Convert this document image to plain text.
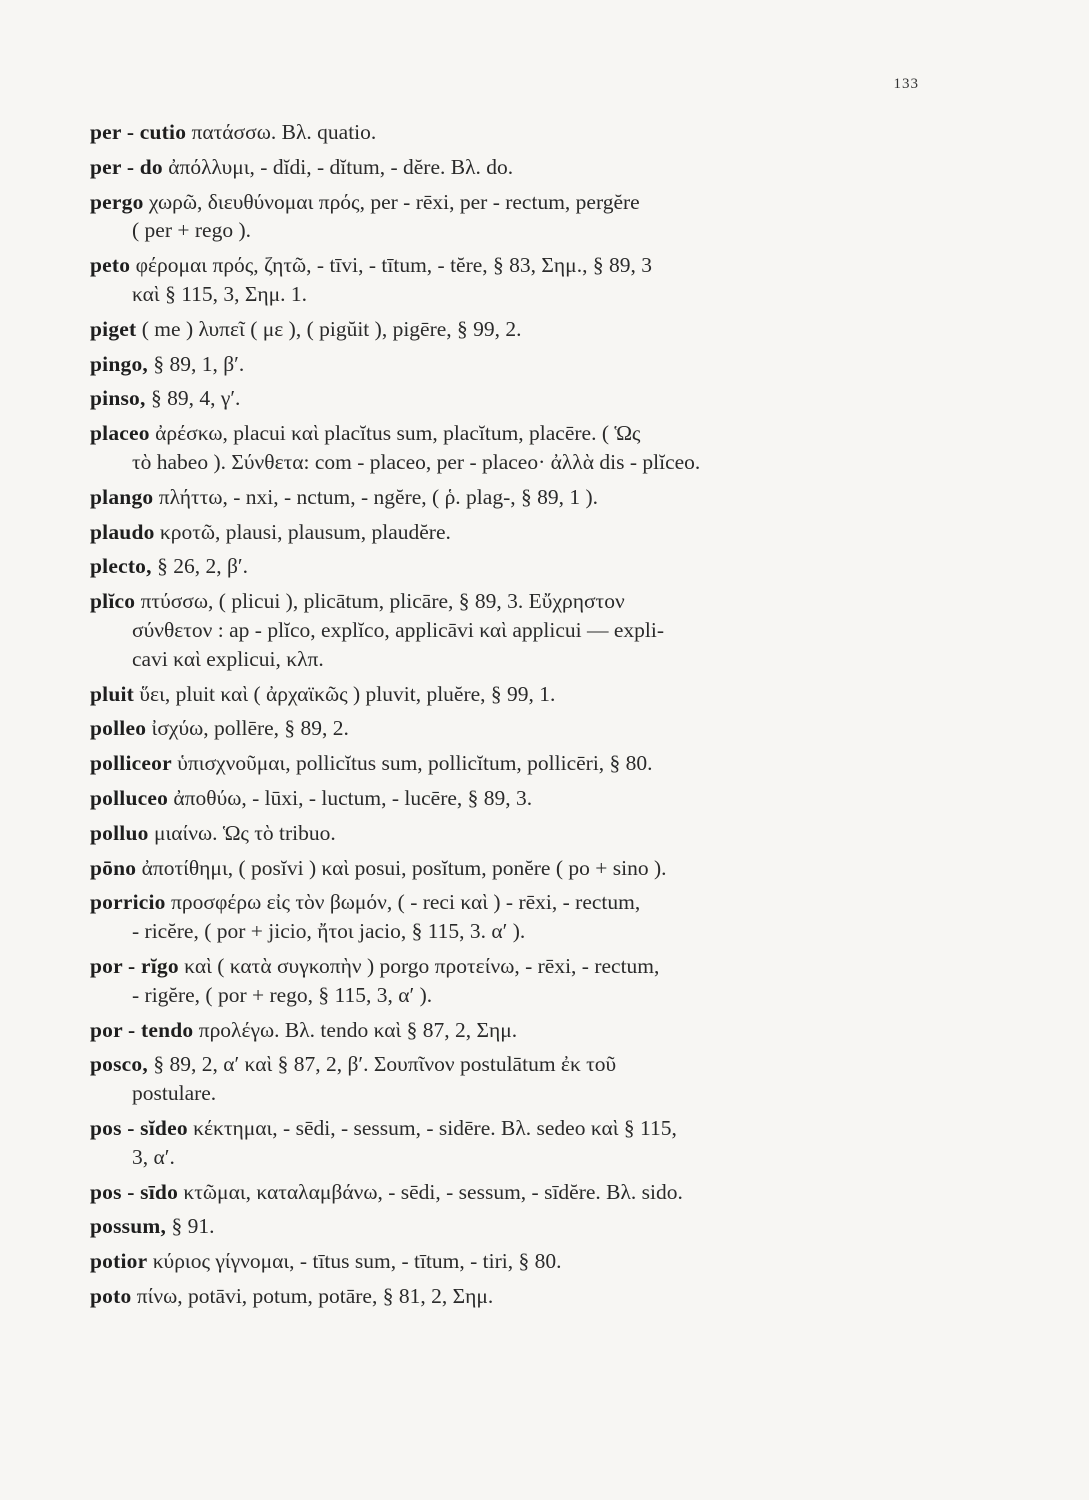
133
per - cutio πατάσσω. Βλ. quatio.
per - do ἀπόλλυμι, - dĭdi, - dĭtum, - dĕre. Βλ. do.
pergo χωρῶ, διευθύνομαι πρός, per - rēxi, per - rectum, pergĕre
( per + rego ).
peto φέρομαι πρός, ζητῶ, - tīvi, - tītum, - tĕre, § 83, Σημ., § 89, 3
καὶ § 115, 3, Σημ. 1.
piget ( me ) λυπεῖ ( με ), ( pigŭit ), pigēre, § 99, 2.
pingo, § 89, 1, β′.
pinso, § 89, 4, γ′.
placeo ἀρέσκω, placui καὶ placĭtus sum, placĭtum, placēre. ( Ὡς
τὸ habeo ). Σύνθετα: com - placeo, per - placeo· ἀλλὰ dis - plĭceo.
plango πλήττω, - nxi, - nctum, - ngĕre, ( ῥ. plag-, § 89, 1 ).
plaudo κροτῶ, plausi, plausum, plaudĕre.
plecto, § 26, 2, β′.
plĭco πτύσσω, ( plicui ), plicātum, plicāre, § 89, 3. Εὔχρηστον
σύνθετον : ap - plĭco, explĭco, applicāvi καὶ applicui — expli-
cavi καὶ explicui, κλπ.
pluit ὕει, pluit καὶ ( ἀρχαϊκῶς ) pluvit, pluĕre, § 99, 1.
polleo ἰσχύω, pollēre, § 89, 2.
polliceor ὑπισχνοῦμαι, pollicĭtus sum, pollicĭtum, pollicēri, § 80.
polluceo ἀποθύω, - lūxi, - luctum, - lucēre, § 89, 3.
polluo μιαίνω. Ὡς τὸ tribuo.
pōno ἀποτίθημι, ( posĭvi ) καὶ posui, posĭtum, ponĕre ( po + sino ).
porricio προσφέρω εἰς τὸν βωμόν, ( - reci καὶ ) - rēxi, - rectum,
- ricĕre, ( por + jicio, ἤτοι jacio, § 115, 3. α′ ).
por - rĭgo καὶ ( κατὰ συγκοπὴν ) porgo προτείνω, - rēxi, - rectum,
- rigĕre, ( por + rego, § 115, 3, α′ ).
por - tendo προλέγω. Βλ. tendo καὶ § 87, 2, Σημ.
posco, § 89, 2, α′ καὶ § 87, 2, β′. Σουπῖνον postulātum ἐκ τοῦ
postulare.
pos - sĭdeo κέκτημαι, - sēdi, - sessum, - sidēre. Βλ. sedeo καὶ § 115,
3, α′.
pos - sīdo κτῶμαι, καταλαμβάνω, - sēdi, - sessum, - sīdĕre. Βλ. sido.
possum, § 91.
potior κύριος γίγνομαι, - tītus sum, - tītum, - tiri, § 80.
poto πίνω, potāvi, potum, potāre, § 81, 2, Σημ.
